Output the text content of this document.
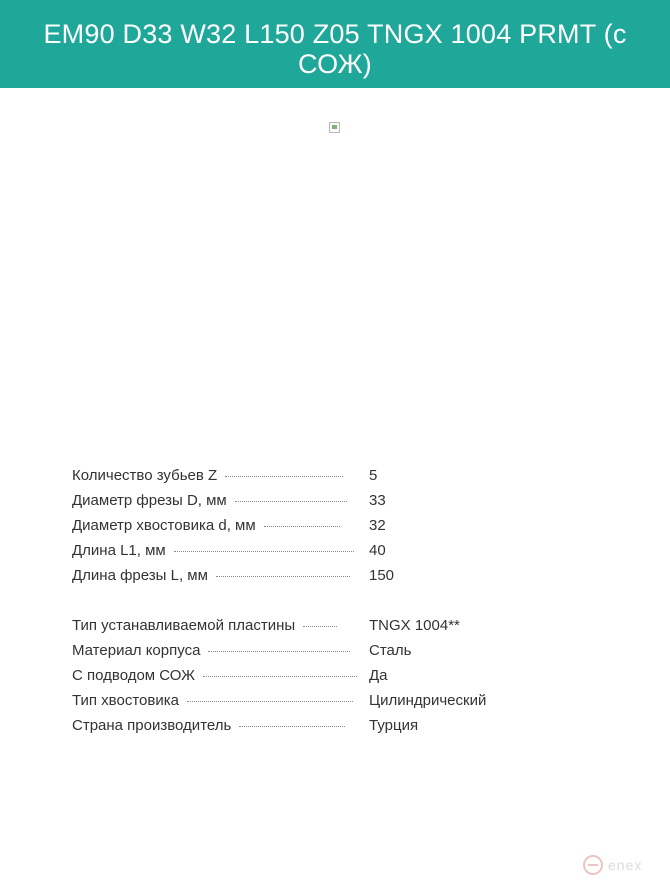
EM90 D33 W32 L150 Z05 TNGX 1004 PRMT (с
СОЖ)
Количество зубьев Z	5
Диаметр фрезы D, мм	33
Диаметр хвостовика d, мм	32
Длина L1, мм	40
Длина фрезы L, мм	150
Тип устанавливаемой пластины	TNGX 1004**
Материал корпуса	Сталь
С подводом СОЖ	Да
Тип хвостовика	Цилиндрический
Страна производитель	Турция
enex
